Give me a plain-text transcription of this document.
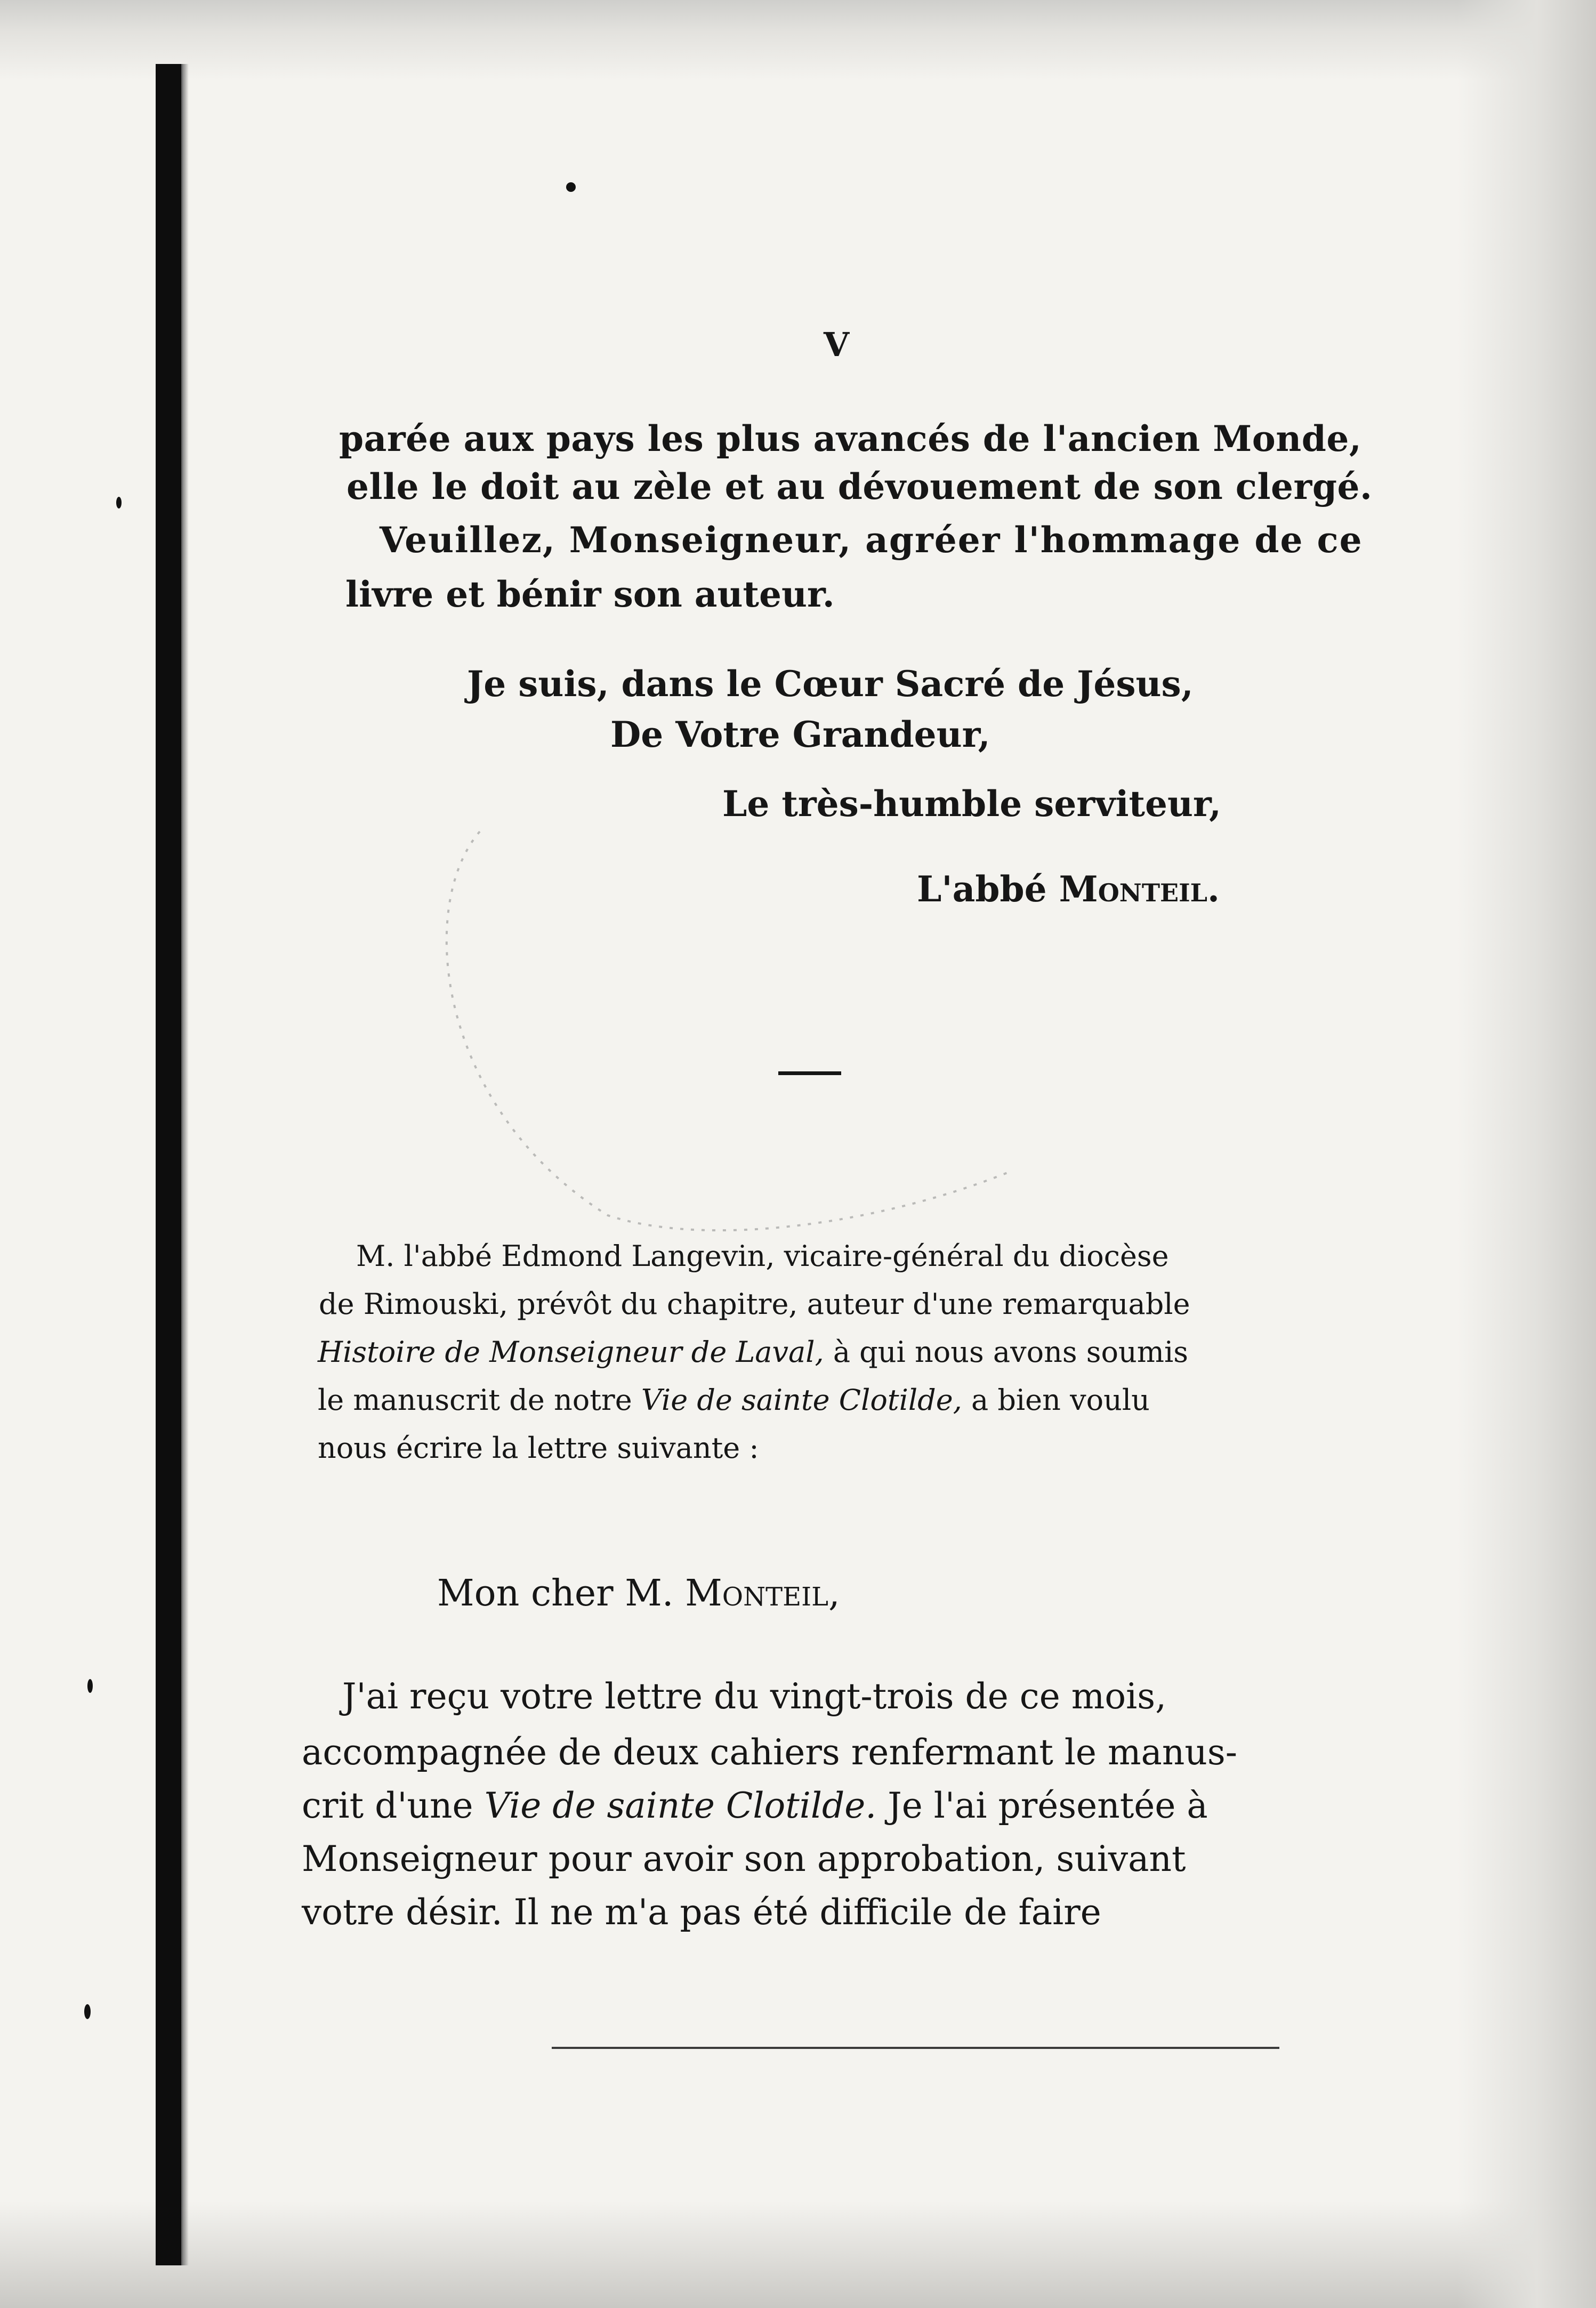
V
parée aux pays les plus avancés de l'ancien Monde,
elle le doit au zèle et au dévouement de son clergé.
Veuillez, Monseigneur, agréer l'hommage de ce
livre et bénir son auteur.
Je suis, dans le Cœur Sacré de Jésus,
De Votre Grandeur,
Le très-humble serviteur,
L'abbé Monteil.
M. l'abbé Edmond Langevin, vicaire-général du diocèse
de Rimouski, prévôt du chapitre, auteur d'une remarquable
Histoire de Monseigneur de Laval, à qui nous avons soumis
le manuscrit de notre Vie de sainte Clotilde, a bien voulu
nous écrire la lettre suivante :
Mon cher M. Monteil,
J'ai reçu votre lettre du vingt-trois de ce mois,
accompagnée de deux cahiers renfermant le manus-
crit d'une Vie de sainte Clotilde. Je l'ai présentée à
Monseigneur pour avoir son approbation, suivant
votre désir. Il ne m'a pas été difficile de faire
